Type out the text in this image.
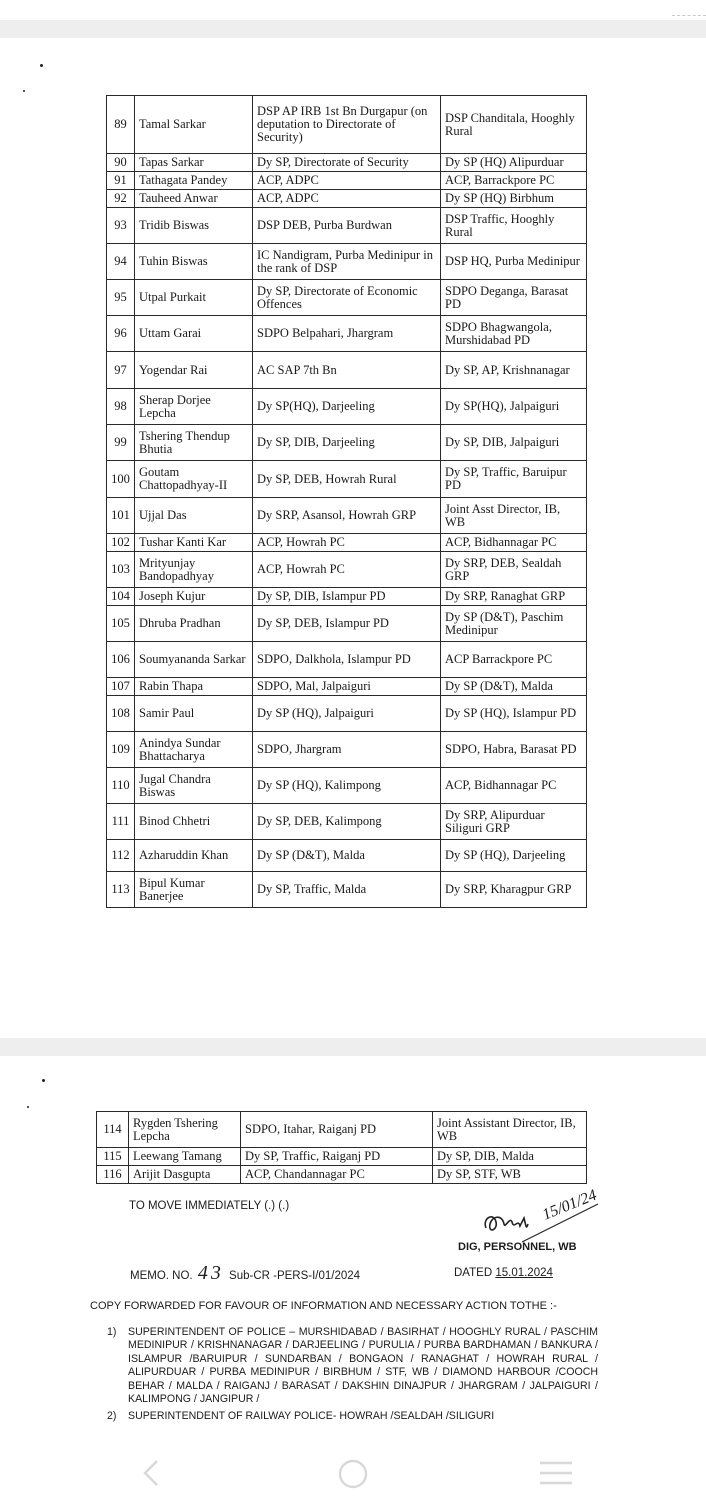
89	Tamal Sarkar	DSP AP IRB 1st Bn Durgapur (on deputation to Directorate of Security)	DSP Chanditala, Hooghly Rural
90	Tapas Sarkar	Dy SP, Directorate of Security	Dy SP (HQ) Alipurduar
91	Tathagata Pandey	ACP, ADPC	ACP, Barrackpore PC
92	Tauheed Anwar	ACP, ADPC	Dy SP (HQ) Birbhum
93	Tridib Biswas	DSP DEB, Purba Burdwan	DSP Traffic, Hooghly Rural
94	Tuhin Biswas	IC Nandigram, Purba Medinipur in the rank of DSP	DSP HQ, Purba Medinipur
95	Utpal Purkait	Dy SP, Directorate of Economic Offences	SDPO Deganga, Barasat PD
96	Uttam Garai	SDPO Belpahari, Jhargram	SDPO Bhagwangola, Murshidabad PD
97	Yogendar Rai	AC SAP 7th Bn	Dy SP, AP, Krishnanagar
98	Sherap Dorjee Lepcha	Dy SP(HQ), Darjeeling	Dy SP(HQ), Jalpaiguri
99	Tshering Thendup Bhutia	Dy SP, DIB, Darjeeling	Dy SP, DIB, Jalpaiguri
100	Goutam Chattopadhyay-II	Dy SP, DEB, Howrah Rural	Dy SP, Traffic, Baruipur PD
101	Ujjal Das	Dy SRP, Asansol, Howrah GRP	Joint Asst Director, IB, WB
102	Tushar Kanti Kar	ACP, Howrah PC	ACP, Bidhannagar PC
103	Mrityunjay Bandopadhyay	ACP, Howrah PC	Dy SRP, DEB, Sealdah GRP
104	Joseph Kujur	Dy SP, DIB, Islampur PD	Dy SRP, Ranaghat GRP
105	Dhruba Pradhan	Dy SP, DEB, Islampur PD	Dy SP (D&T), Paschim Medinipur
106	Soumyananda Sarkar	SDPO, Dalkhola, Islampur PD	ACP Barrackpore PC
107	Rabin Thapa	SDPO, Mal, Jalpaiguri	Dy SP (D&T), Malda
108	Samir Paul	Dy SP (HQ), Jalpaiguri	Dy SP (HQ), Islampur PD
109	Anindya Sundar Bhattacharya	SDPO, Jhargram	SDPO, Habra, Barasat PD
110	Jugal Chandra Biswas	Dy SP (HQ), Kalimpong	ACP, Bidhannagar PC
111	Binod Chhetri	Dy SP, DEB, Kalimpong	Dy SRP, Alipurduar Siliguri GRP
112	Azharuddin Khan	Dy SP (D&T), Malda	Dy SP (HQ), Darjeeling
113	Bipul Kumar Banerjee	Dy SP, Traffic, Malda	Dy SRP, Kharagpur GRP
114	Rygden Tshering Lepcha	SDPO, Itahar, Raiganj PD	Joint Assistant Director, IB, WB
115	Leewang Tamang	Dy SP, Traffic, Raiganj PD	Dy SP, DIB, Malda
116	Arijit Dasgupta	ACP, Chandannagar PC	Dy SP, STF, WB
TO MOVE IMMEDIATELY (.) (.)	15/01/24
DIG, PERSONNEL, WB
MEMO. NO. 43 Sub-CR -PERS-I/01/2024	DATED 15.01.2024
COPY FORWARDED FOR FAVOUR OF INFORMATION AND NECESSARY ACTION TOTHE :-
1) SUPERINTENDENT OF POLICE – MURSHIDABAD / BASIRHAT / HOOGHLY RURAL / PASCHIM MEDINIPUR / KRISHNANAGAR / DARJEELING / PURULIA / PURBA BARDHAMAN / BANKURA / ISLAMPUR /BARUIPUR / SUNDARBAN / BONGAON / RANAGHAT / HOWRAH RURAL / ALIPURDUAR / PURBA MEDINIPUR / BIRBHUM / STF, WB / DIAMOND HARBOUR /COOCH BEHAR / MALDA / RAIGANJ / BARASAT / DAKSHIN DINAJPUR / JHARGRAM / JALPAIGURI / KALIMPONG / JANGIPUR /
2) SUPERINTENDENT OF RAILWAY POLICE- HOWRAH /SEALDAH /SILIGURI
